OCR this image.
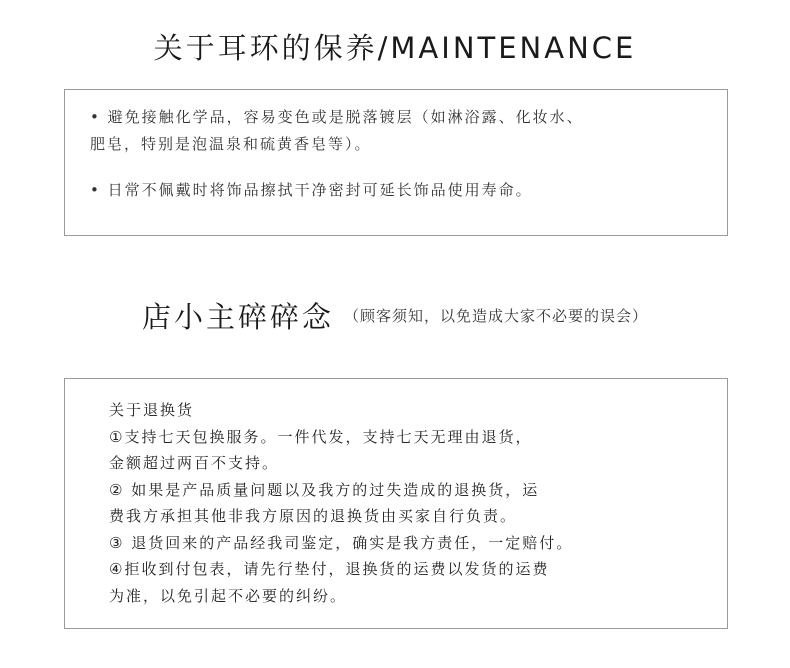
关于耳环的保养/MAINTENANCE
• 避免接触化学品，容易变色或是脱落镀层（如淋浴露、化妆水、
肥皂，特别是泡温泉和硫黄香皂等）。
• 日常不佩戴时将饰品擦拭干净密封可延长饰品使用寿命。
店小主碎碎念 （顾客须知，以免造成大家不必要的误会）
关于退换货
①支持七天包换服务。一件代发，支持七天无理由退货，
金额超过两百不支持。
② 如果是产品质量问题以及我方的过失造成的退换货，运
费我方承担其他非我方原因的退换货由买家自行负责。
③ 退货回来的产品经我司鉴定，确实是我方责任，一定赔付。
④拒收到付包表，请先行垫付，退换货的运费以发货的运费
为准，以免引起不必要的纠纷。
